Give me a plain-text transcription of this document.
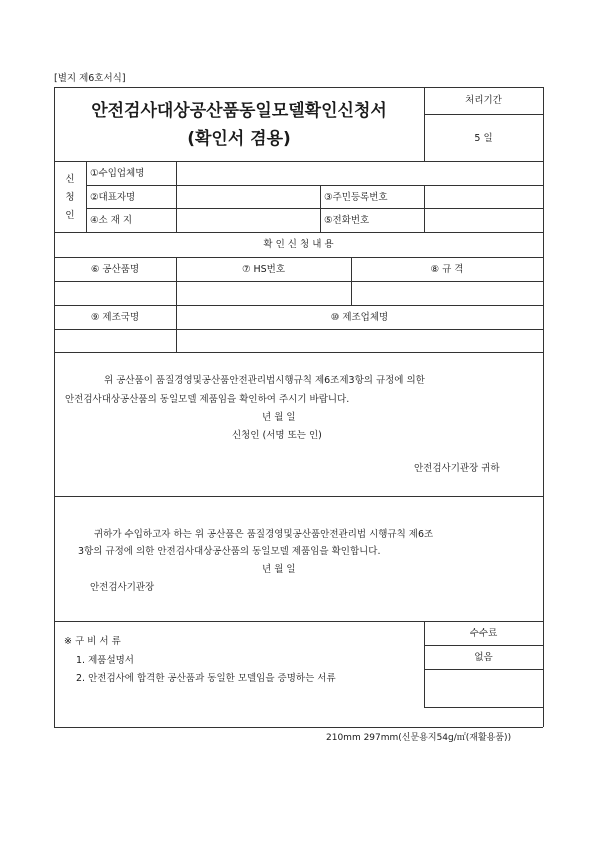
[별지 제6호서식]
안전검사대상공산품동일모델확인신청서
(확인서 겸용)
처리기간
5 일
신
청
인
①수입업체명
②대표자명	③주민등록번호
④소 재 지	⑤전화번호
확 인 신 청 내 용
⑥ 공산품명	⑦ HS번호	⑧ 규 격
⑨ 제조국명	⑩ 제조업체명
위 공산품이 품질경영및공산품안전관리법시행규칙 제6조제3항의 규정에 의한
안전검사대상공산품의 동일모델 제품임을 확인하여 주시기 바랍니다.
년 월 일
신청인 (서명 또는 인)
안전검사기관장 귀하
귀하가 수입하고자 하는 위 공산품은 품질경영및공산품안전관리법 시행규칙 제6조
3항의 규정에 의한 안전검사대상공산품의 동일모델 제품임을 확인합니다.
년 월 일
안전검사기관장
※ 구 비 서 류
1. 제품설명서
2. 안전검사에 합격한 공산품과 동일한 모델임을 증명하는 서류
수수료
없음
210mm 297mm(신문용지54g/㎡(재활용품))
